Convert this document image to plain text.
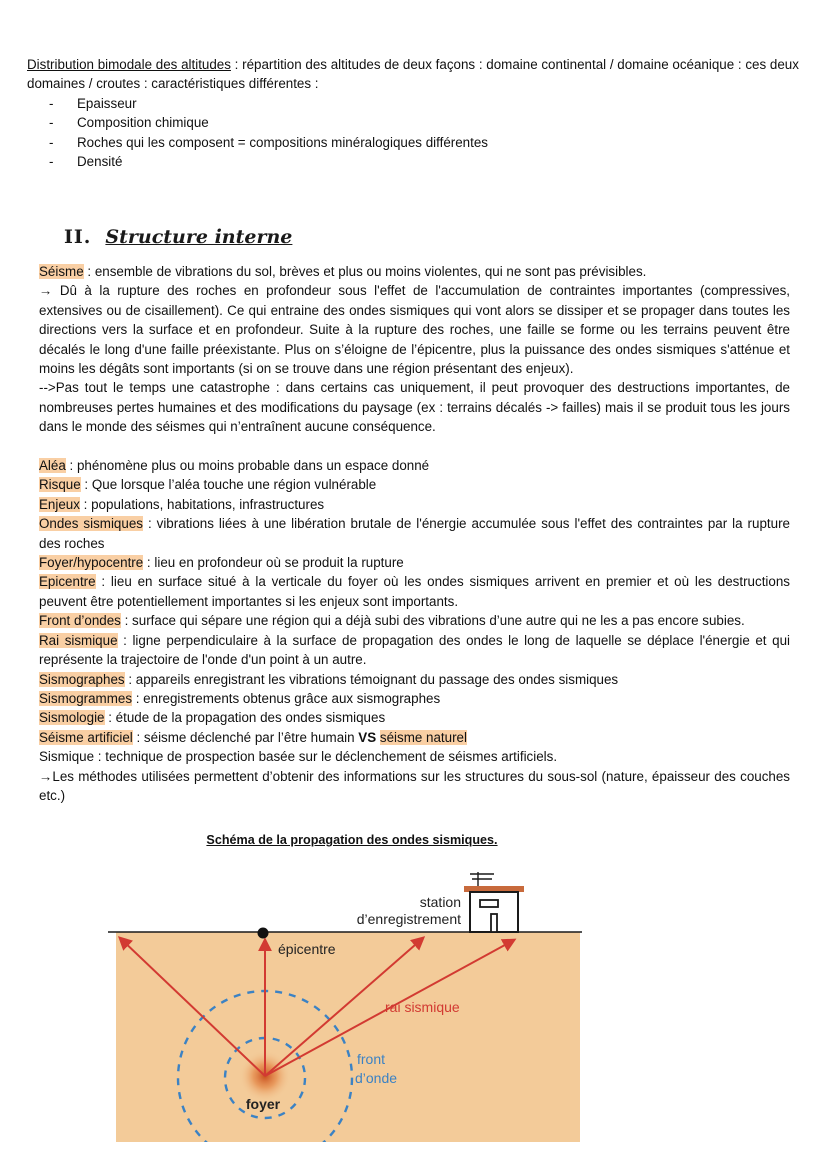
Distribution bimodale des altitudes : répartition des altitudes de deux façons : domaine continental / domaine océanique : ces deux domaines / croutes : caractéristiques différentes :
- Epaisseur
- Composition chimique
- Roches qui les composent = compositions minéralogiques différentes
- Densité
II. Structure interne

Séisme : ensemble de vibrations du sol, brèves et plus ou moins violentes, qui ne sont pas prévisibles.

→ Dû à la rupture des roches en profondeur sous l'effet de l'accumulation de contraintes importantes (compressives, extensives ou de cisaillement). Ce qui entraine des ondes sismiques qui vont alors se dissiper et se propager dans toutes les directions vers la surface et en profondeur. Suite à la rupture des roches, une faille se forme ou les terrains peuvent être décalés le long d'une faille préexistante. Plus on s’éloigne de l’épicentre, plus la puissance des ondes sismiques s'atténue et moins les dégâts sont importants (si on se trouve dans une région présentant des enjeux).

-->Pas tout le temps une catastrophe : dans certains cas uniquement, il peut provoquer des destructions importantes, de nombreuses pertes humaines et des modifications du paysage (ex : terrains décalés -> failles) mais il se produit tous les jours dans le monde des séismes qui n’entraînent aucune conséquence.

Aléa : phénomène plus ou moins probable dans un espace donné

Risque : Que lorsque l’aléa touche une région vulnérable

Enjeux : populations, habitations, infrastructures

Ondes sismiques : vibrations liées à une libération brutale de l'énergie accumulée sous l'effet des contraintes par la rupture des roches

Foyer/hypocentre : lieu en profondeur où se produit la rupture

Epicentre : lieu en surface situé à la verticale du foyer où les ondes sismiques arrivent en premier et où les destructions peuvent être potentiellement importantes si les enjeux sont importants.

Front d’ondes : surface qui sépare une région qui a déjà subi des vibrations d’une autre qui ne les a pas encore subies.

Rai sismique : ligne perpendiculaire à la surface de propagation des ondes le long de laquelle se déplace l'énergie et qui représente la trajectoire de l'onde d'un point à un autre.

Sismographes : appareils enregistrant les vibrations témoignant du passage des ondes sismiques

Sismogrammes : enregistrements obtenus grâce aux sismographes

Sismologie : étude de la propagation des ondes sismiques

Séisme artificiel : séisme déclenché par l’être humain VS séisme naturel

Sismique : technique de prospection basée sur le déclenchement de séismes artificiels.

→Les méthodes utilisées permettent d’obtenir des informations sur les structures du sous-sol (nature, épaisseur des couches etc.)

Schéma de la propagation des ondes sismiques.
station
d’enregistrement
épicentre
rai sismique
front
d’onde
foyer
